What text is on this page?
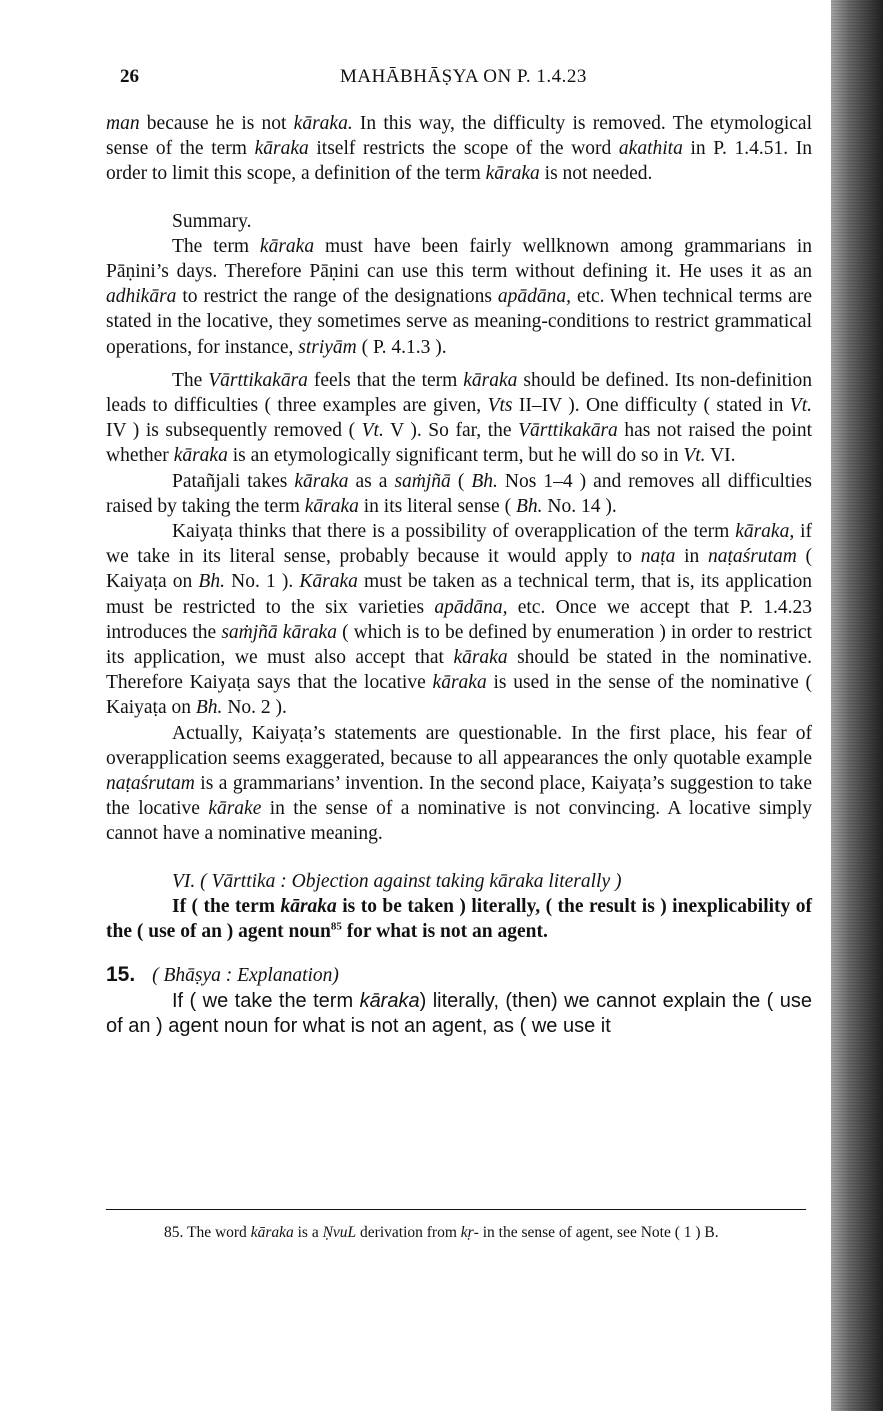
26	MAHĀBHĀṢYA ON P. 1.4.23

man because he is not kāraka. In this way, the difficulty is removed. The etymological sense of the term kāraka itself restricts the scope of the word akathita in P. 1.4.51. In order to limit this scope, a definition of the term kāraka is not needed.

Summary.

The term kāraka must have been fairly wellknown among grammarians in Pāṇini’s days. Therefore Pāṇini can use this term without defining it. He uses it as an adhikāra to restrict the range of the designations apādāna, etc. When technical terms are stated in the locative, they sometimes serve as meaning-conditions to restrict grammatical operations, for instance, striyām ( P. 4.1.3 ).

The Vārttikakāra feels that the term kāraka should be defined. Its non-definition leads to difficulties ( three examples are given, Vts II–IV ). One difficulty ( stated in Vt. IV ) is subsequently removed ( Vt. V ). So far, the Vārttikakāra has not raised the point whether kāraka is an etymologically significant term, but he will do so in Vt. VI.

Patañjali takes kāraka as a saṁjñā ( Bh. Nos 1–4 ) and removes all difficulties raised by taking the term kāraka in its literal sense ( Bh. No. 14 ).

Kaiyaṭa thinks that there is a possibility of overapplication of the term kāraka, if we take in its literal sense, probably because it would apply to naṭa in naṭaśrutam ( Kaiyaṭa on Bh. No. 1 ). Kāraka must be taken as a technical term, that is, its application must be restricted to the six varieties apādāna, etc. Once we accept that P. 1.4.23 introduces the saṁjñā kāraka ( which is to be defined by enumeration ) in order to restrict its application, we must also accept that kāraka should be stated in the nominative. Therefore Kaiyaṭa says that the locative kāraka is used in the sense of the nominative ( Kaiyaṭa on Bh. No. 2 ).

Actually, Kaiyaṭa’s statements are questionable. In the first place, his fear of overapplication seems exaggerated, because to all appearances the only quotable example naṭaśrutam is a grammarians’ invention. In the second place, Kaiyaṭa’s suggestion to take the locative kārake in the sense of a nominative is not convincing. A locative simply cannot have a nominative meaning.

VI. ( Vārttika : Objection against taking kāraka literally )

If ( the term kāraka is to be taken ) literally, ( the result is ) inexplicability of the ( use of an ) agent noun$^{85}$ for what is not an agent.

15. ( Bhāṣya : Explanation)

If ( we take the term kāraka) literally, (then) we cannot explain the ( use of an ) agent noun for what is not an agent, as ( we use it

85. The word kāraka is a ṆvuL derivation from kṛ- in the sense of agent, see Note ( 1 ) B.
